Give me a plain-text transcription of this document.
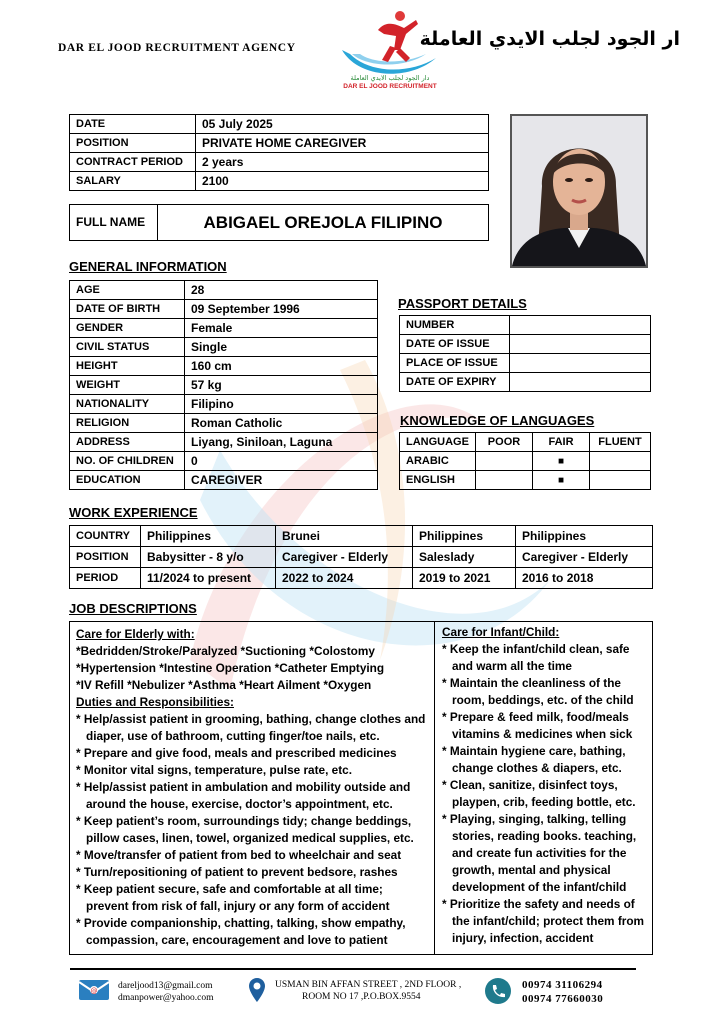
DAR EL JOOD RECRUITMENT AGENCY
دار الجود لجلب الايدي العاملة
DAR EL JOOD RECRUITMENT
ار الجود لجلب الايدي العاملة
DATE	05 July 2025
POSITION	PRIVATE HOME CAREGIVER
CONTRACT PERIOD	2 years
SALARY	2100
FULL NAME	ABIGAEL OREJOLA FILIPINO
GENERAL INFORMATION
AGE	28
DATE OF BIRTH	09 September 1996
GENDER	Female
CIVIL STATUS	Single
HEIGHT	160 cm
WEIGHT	57 kg
NATIONALITY	Filipino
RELIGION	Roman Catholic
ADDRESS	Liyang, Siniloan, Laguna
NO. OF CHILDREN	0
EDUCATION	CAREGIVER
PASSPORT DETAILS
NUMBER	
DATE OF ISSUE	
PLACE OF ISSUE	
DATE OF EXPIRY	
KNOWLEDGE OF LANGUAGES
LANGUAGE	POOR	FAIR	FLUENT
ARABIC		■	
ENGLISH		■	
WORK EXPERIENCE
COUNTRY	Philippines	Brunei	Philippines	Philippines
POSITION	Babysitter - 8 y/o	Caregiver - Elderly	Saleslady	Caregiver - Elderly
PERIOD	11/2024 to present	2022 to 2024	2019 to 2021	2016 to 2018
JOB DESCRIPTIONS
Care for Elderly with:
*Bedridden/Stroke/Paralyzed *Suctioning *Colostomy
*Hypertension *Intestine Operation *Catheter Emptying
*IV Refill *Nebulizer *Asthma *Heart Ailment *Oxygen
Duties and Responsibilities:
* Help/assist patient in grooming, bathing, change clothes and diaper, use of bathroom, cutting finger/toe nails, etc.
* Prepare and give food, meals and prescribed medicines
* Monitor vital signs, temperature, pulse rate, etc.
* Help/assist patient in ambulation and mobility outside and around the house, exercise, doctor’s appointment, etc.
* Keep patient’s room, surroundings tidy; change beddings, pillow cases, linen, towel, organized medical supplies, etc.
* Move/transfer of patient from bed to wheelchair and seat
* Turn/repositioning of patient to prevent bedsore, rashes
* Keep patient secure, safe and comfortable at all time; prevent from risk of fall, injury or any form of accident
* Provide companionship, chatting, talking, show empathy, compassion, care, encouragement and love to patient
Care for Infant/Child:
* Keep the infant/child clean, safe and warm all the time
* Maintain the cleanliness of the room, beddings, etc. of the child
* Prepare & feed milk, food/meals vitamins & medicines when sick
* Maintain hygiene care, bathing, change clothes & diapers, etc.
* Clean, sanitize, disinfect toys, playpen, crib, feeding bottle, etc.
* Playing, singing, talking, telling stories, reading books. teaching, and create fun activities for the growth, mental and physical development of the infant/child
* Prioritize the safety and needs of the infant/child; protect them from injury, infection, accident
@ dareljood13@gmail.com
dmanpower@yahoo.com
USMAN BIN AFFAN STREET , 2ND FLOOR ,
ROOM NO 17 ,P.O.BOX.9554
00974 31106294
00974 77660030
